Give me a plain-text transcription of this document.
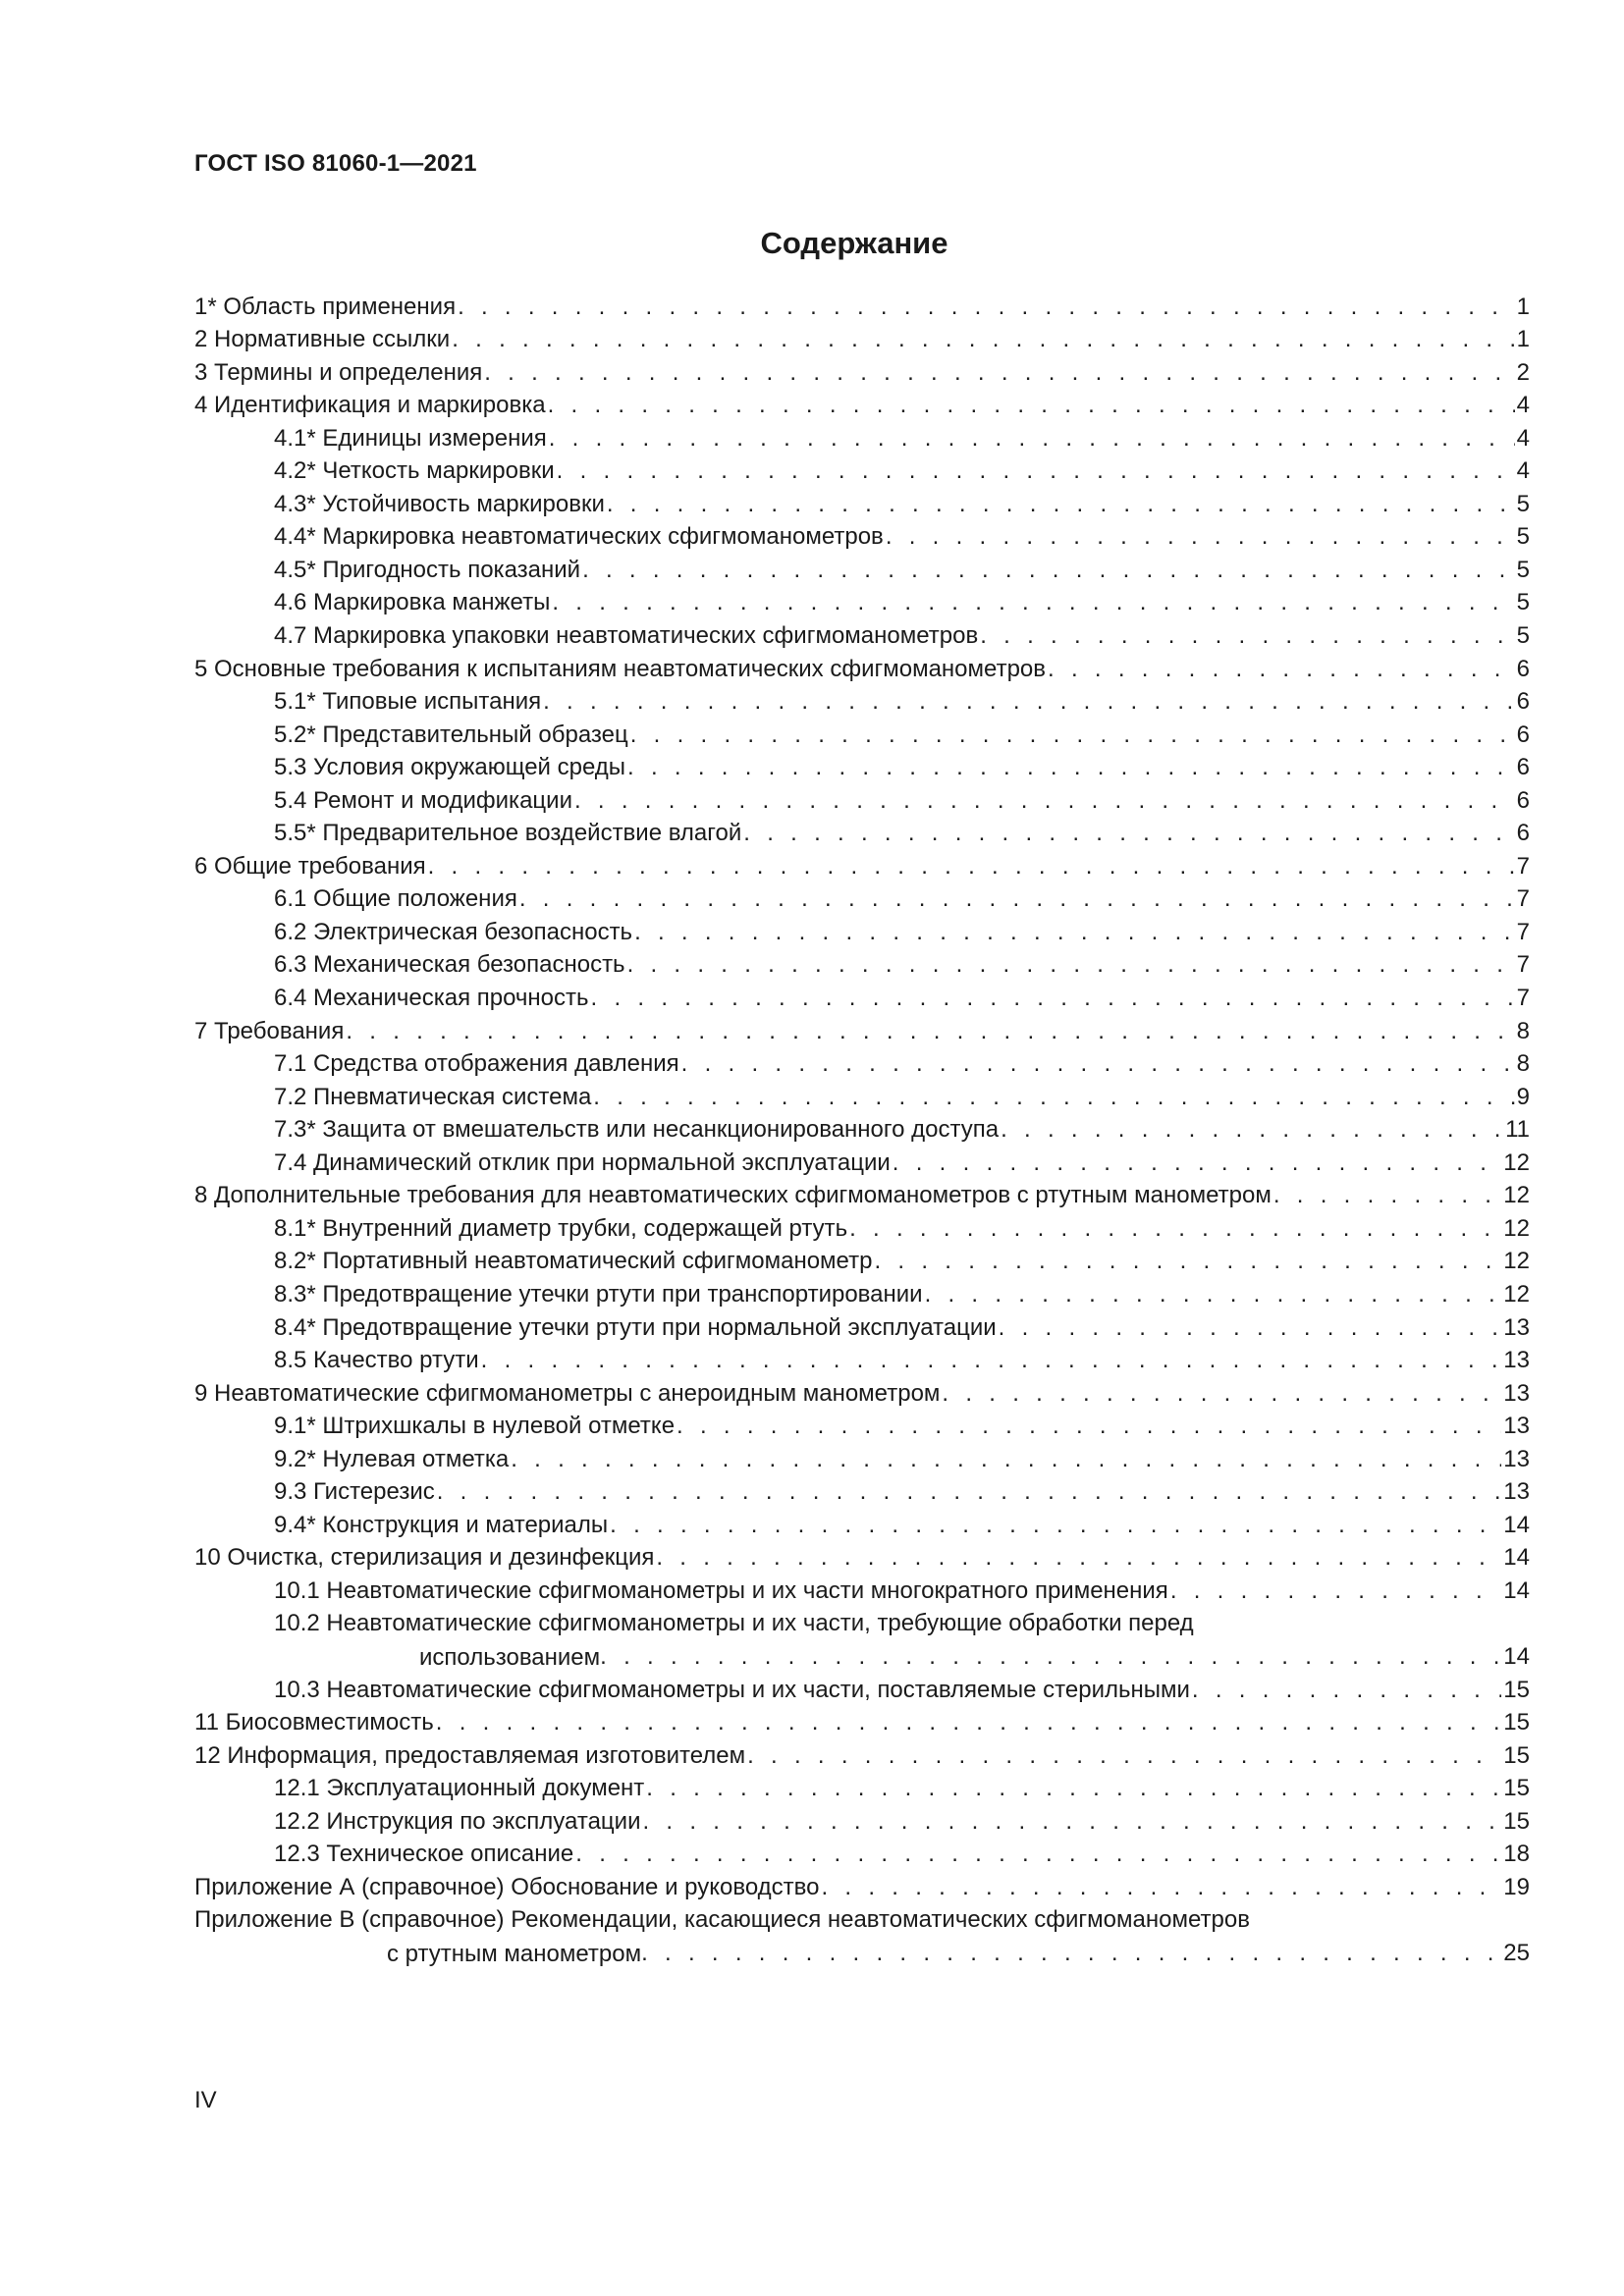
ГОСТ ISO 81060-1—2021
Содержание
1* Область применения . . .	1
2 Нормативные ссылки . . .	1
3 Термины и определения . . .	2
4 Идентификация и маркировка . . .	4
4.1* Единицы измерения . . .	4
4.2* Четкость маркировки . . .	4
4.3* Устойчивость маркировки . . .	5
4.4* Маркировка неавтоматических сфигмоманометров . . .	5
4.5* Пригодность показаний . . .	5
4.6 Маркировка манжеты . . .	5
4.7 Маркировка упаковки неавтоматических сфигмоманометров . . .	5
5 Основные требования к испытаниям неавтоматических сфигмоманометров . . .	6
5.1* Типовые испытания . . .	6
5.2* Представительный образец . . .	6
5.3 Условия окружающей среды . . .	6
5.4 Ремонт и модификации . . .	6
5.5* Предварительное воздействие влагой . . .	6
6 Общие требования . . .	7
6.1 Общие положения . . .	7
6.2 Электрическая безопасность . . .	7
6.3 Механическая безопасность . . .	7
6.4 Механическая прочность . . .	7
7 Требования . . .	8
7.1 Средства отображения давления . . .	8
7.2 Пневматическая система . . .	9
7.3* Защита от вмешательств или несанкционированного доступа . . .	11
7.4 Динамический отклик при нормальной эксплуатации . . .	12
8 Дополнительные требования для неавтоматических сфигмоманометров с ртутным манометром . . .	12
8.1* Внутренний диаметр трубки, содержащей ртуть . . .	12
8.2* Портативный неавтоматический сфигмоманометр . . .	12
8.3* Предотвращение утечки ртути при транспортировании . . .	12
8.4* Предотвращение утечки ртути при нормальной эксплуатации . . .	13
8.5 Качество ртути . . .	13
9 Неавтоматические сфигмоманометры с анероидным манометром . . .	13
9.1* Штрихшкалы в нулевой отметке . . .	13
9.2* Нулевая отметка . . .	13
9.3 Гистерезис . . .	13
9.4* Конструкция и материалы . . .	14
10 Очистка, стерилизация и дезинфекция . . .	14
10.1 Неавтоматические сфигмоманометры и их части многократного применения . . .	14
10.2 Неавтоматические сфигмоманометры и их части, требующие обработки перед
использованием . . .	14
10.3 Неавтоматические сфигмоманометры и их части, поставляемые стерильными . . .	15
11 Биосовместимость . . .	15
12 Информация, предоставляемая изготовителем . . .	15
12.1 Эксплуатационный документ . . .	15
12.2 Инструкция по эксплуатации . . .	15
12.3 Техническое описание . . .	18
Приложение А (справочное) Обоснование и руководство . . .	19
Приложение В (справочное) Рекомендации, касающиеся неавтоматических сфигмоманометров
с ртутным манометром . . .	25
IV
